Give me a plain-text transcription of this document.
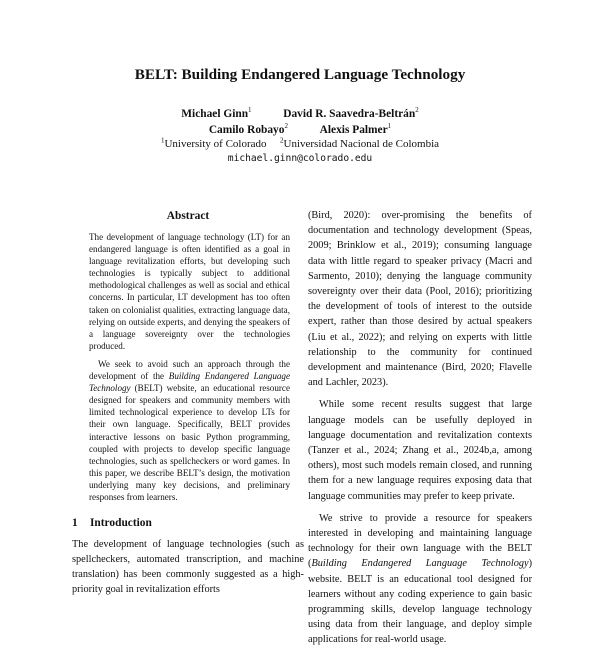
BELT: Building Endangered Language Technology
Michael Ginn$^1$	David R. Saavedra-Beltrán$^2$
Camilo Robayo$^2$	Alexis Palmer$^1$
$^1$University of Colorado $^2$Universidad Nacional de Colombia
michael.ginn@colorado.edu
Abstract

The development of language technology (LT) for an endangered language is often identified as a goal in language revitalization efforts, but developing such technologies is typically subject to additional methodological challenges as well as social and ethical concerns. In particular, LT development has too often taken on colonialist qualities, extracting language data, relying on outside experts, and denying the speakers of a language sovereignty over the technologies produced.

We seek to avoid such an approach through the development of the Building Endangered Language Technology (BELT) website, an educational resource designed for speakers and community members with limited technological experience to develop LTs for their own language. Specifically, BELT provides interactive lessons on basic Python programming, coupled with projects to develop specific language technologies, such as spellcheckers or word games. In this paper, we describe BELT’s design, the motivation underlying many key decisions, and preliminary responses from learners.

1 Introduction

The development of language technologies (such as spellcheckers, automated transcription, and machine translation) has been commonly suggested as a high-priority goal in revitalization efforts

(Bird, 2020): over-promising the benefits of documentation and technology development (Speas, 2009; Brinklow et al., 2019); consuming language data with little regard to speaker privacy (Macri and Sarmento, 2010); denying the language community sovereignty over their data (Pool, 2016); prioritizing the development of tools of interest to the outside expert, rather than those desired by actual speakers (Liu et al., 2022); and relying on experts with little relationship to the community for continued development and maintenance (Bird, 2020; Flavelle and Lachler, 2023).

While some recent results suggest that large language models can be usefully deployed in language documentation and revitalization contexts (Tanzer et al., 2024; Zhang et al., 2024b,a, among others), most such models remain closed, and running them for a new language requires exposing data that language communities may prefer to keep private.

We strive to provide a resource for speakers interested in developing and maintaining language technology for their own language with the BELT (Building Endangered Language Technology) website. BELT is an educational tool designed for learners without any coding experience to gain basic programming skills, develop language technology using data from their language, and deploy simple applications for real-world usage.
